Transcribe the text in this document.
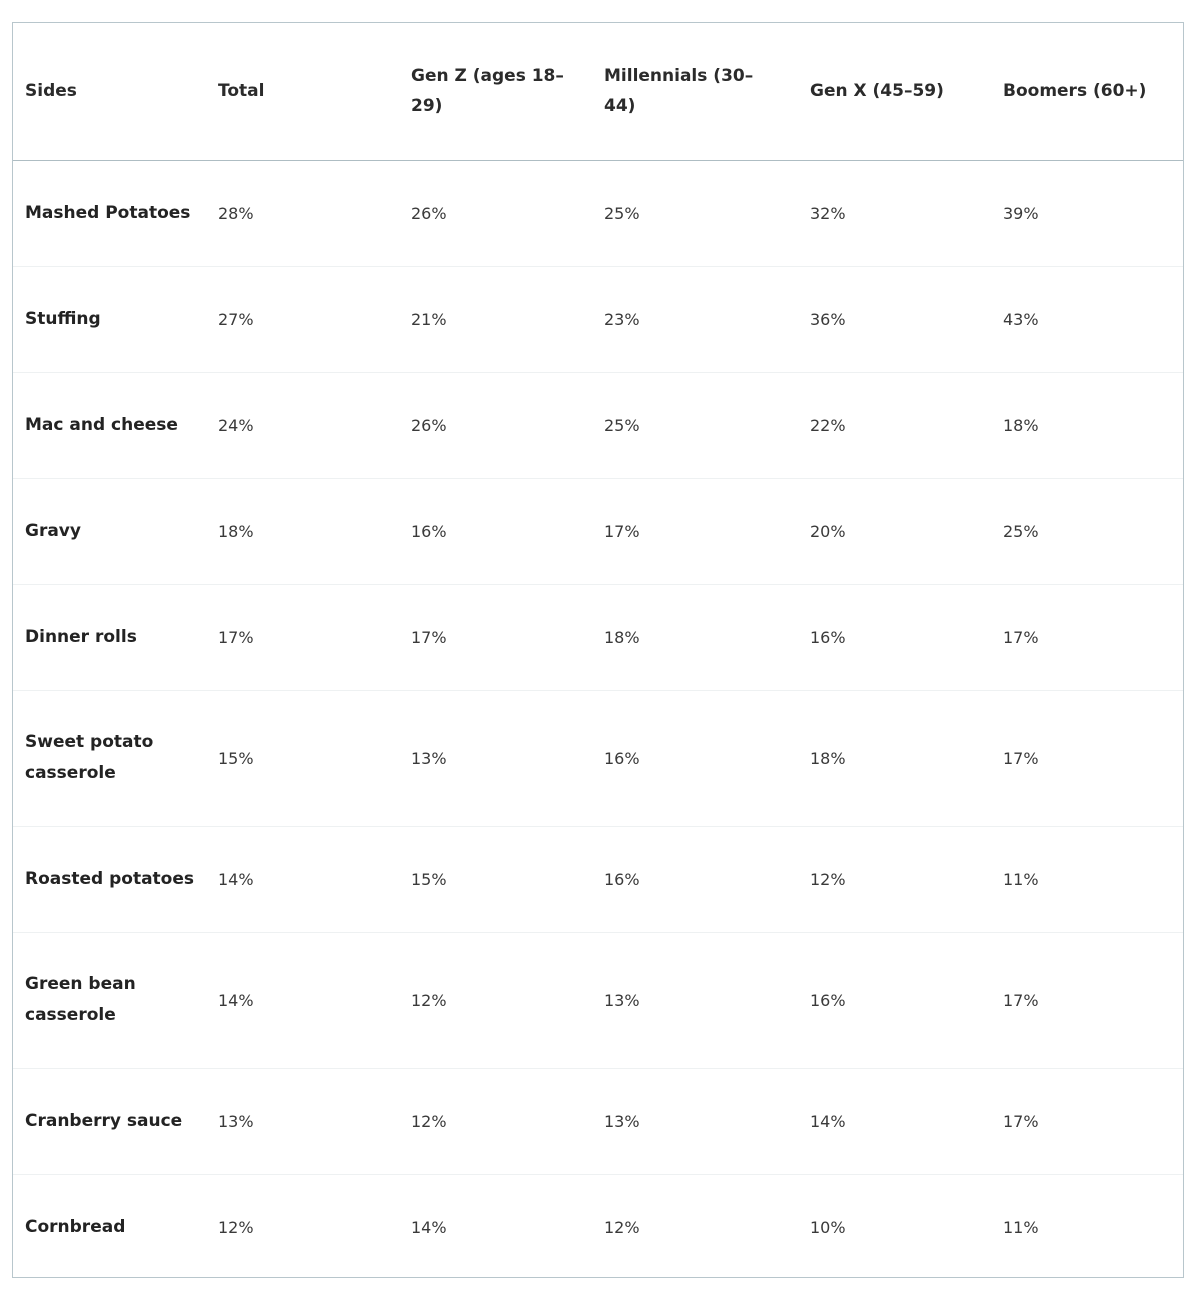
Sides	Total	Gen Z (ages 18–29)	Millennials (30–44)	Gen X (45–59)	Boomers (60+)
Mashed Potatoes	28%	26%	25%	32%	39%
Stuffing	27%	21%	23%	36%	43%
Mac and cheese	24%	26%	25%	22%	18%
Gravy	18%	16%	17%	20%	25%
Dinner rolls	17%	17%	18%	16%	17%
Sweet potato casserole	15%	13%	16%	18%	17%
Roasted potatoes	14%	15%	16%	12%	11%
Green bean casserole	14%	12%	13%	16%	17%
Cranberry sauce	13%	12%	13%	14%	17%
Cornbread	12%	14%	12%	10%	11%
